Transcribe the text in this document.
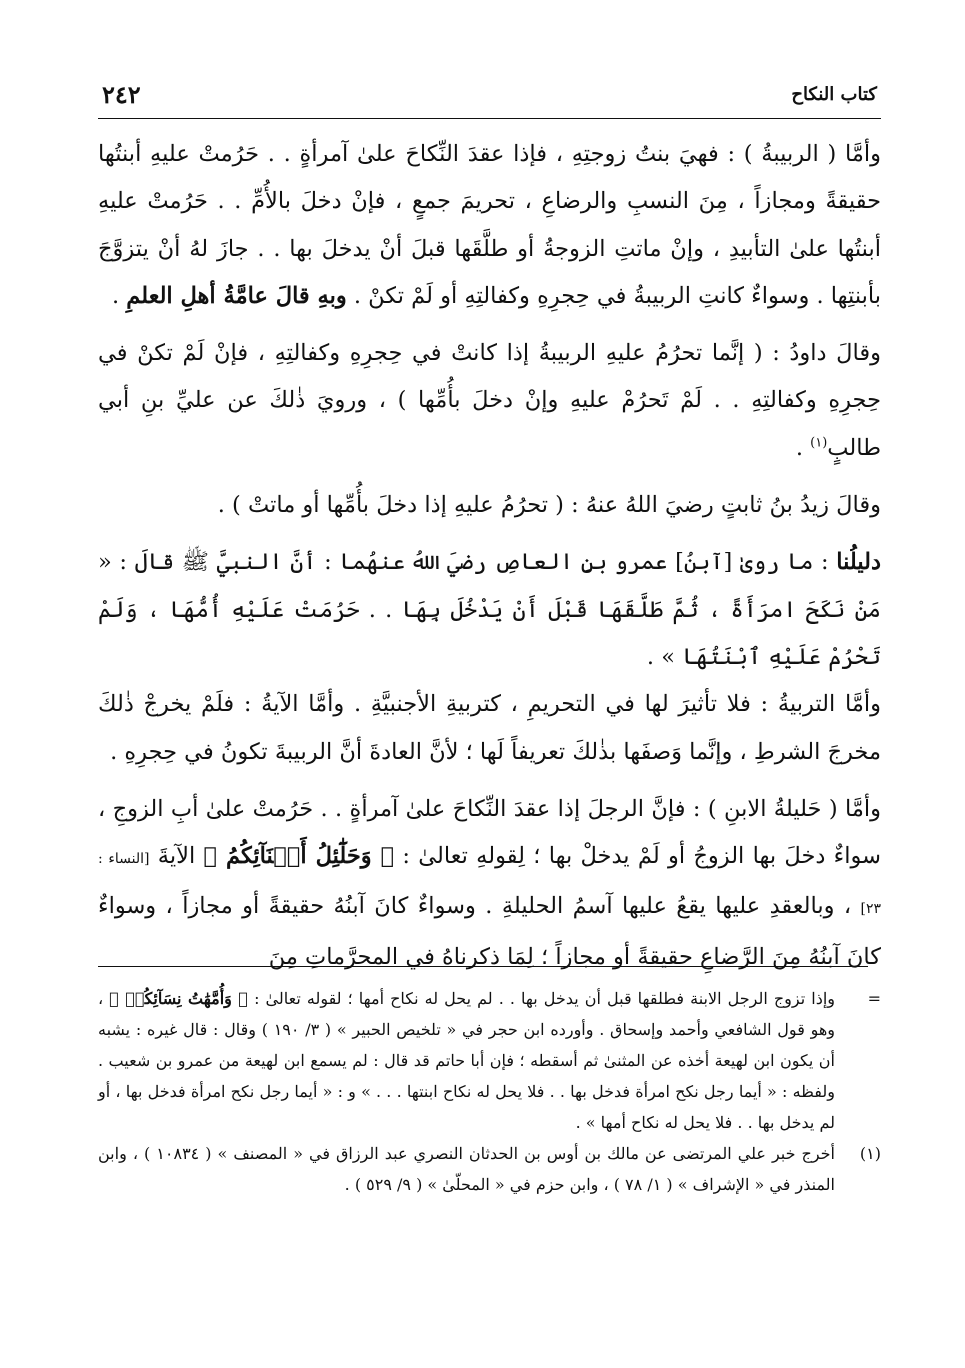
كتاب النكاح
٢٤٢

وأمَّا ( الربيبةُ ) : فهيَ بنتُ زوجتِهِ ، فإذا عقدَ النِّكاحَ علىٰ آمرأةٍ . . حَرُمتْ عليهِ أبنتُها حقيقةً ومجازاً ، مِنَ النسبِ والرضاعِ ، تحريمَ جمعٍ ، فإنْ دخلَ بالأُمِّ . . حَرُمتْ عليهِ أبنتُها علىٰ التأبيدِ ، وإنْ ماتتِ الزوجةُ أو طلَّقَها قبلَ أنْ يدخلَ بها . . جازَ لهُ أنْ يتزوَّجَ بأبنتِها . وسواءٌ كانتِ الربيبةُ في حِجرِهِ وكفالتِهِ أو لَمْ تكنْ . وبهِ قالَ عامَّةُ أهلِ العلمِ .

وقالَ داودُ : ( إنَّما تحرُمُ عليهِ الربيبةُ إذا كانتْ في حِجرِهِ وكفالتِهِ ، فإنْ لَمْ تكنْ في حِجرِهِ وكفالتِهِ . . لَمْ تَحرُمْ عليهِ وإنْ دخلَ بأُمِّها ) ، ورويَ ذٰلكَ عن عليِّ بنِ أبي طالبٍ$^{(١)}$ .

وقالَ زيدُ بنُ ثابتٍ رضيَ اللهُ عنهُ : ( تحرُمُ عليهِ إذا دخلَ بأُمِّها أو ماتتْ ) .

دليلُنا : ما روىٰ [آبنُ] عمرو بنِ العاصِ رضيَ اللهُ عنهُما : أنَّ النبيَّ ﷺ قالَ : « مَنْ نَكَحَ امرَأَةً ، ثُمَّ طَلَّقَهَا قَبْلَ أَنْ يَدْخُلَ بِهَا . . حَرُمَتْ عَلَيْهِ أُمُّهَا ، وَلَمْ تَحْرُمْ عَلَيْهِ ٱبْنَتُهَا » .

وأمَّا التربيةُ : فلا تأثيرَ لها في التحريمِ ، كتربيةِ الأجنبيَّةِ . وأمَّا الآيةُ : فلَمْ يخرجْ ذٰلكَ مخرجَ الشرطِ ، وإنَّما وَصفَها بذٰلكَ تعريفاً لَها ؛ لأنَّ العادةَ أنَّ الربيبةَ تكونُ في حِجرِهِ .

وأمَّا ( حَليلةُ الابنِ ) : فإنَّ الرجلَ إذا عقدَ النِّكاحَ علىٰ آمرأةٍ . . حَرُمتْ علىٰ أبِ الزوجِ ، سواءٌ دخلَ بها الزوجُ أو لَمْ يدخلْ بها ؛ لِقولهِ تعالىٰ : ﴿ وَحَلَٰٓئِلُ أَبۡنَآئِكُمُ ﴾ الآيةَ [النساء : ٢٣] ، وبالعقدِ عليها يقعُ عليها آسمُ الحليلةِ . وسواءٌ كانَ آبنُهُ حقيقةً أو مجازاً ، وسواءٌ كانَ آبنُهُ مِنَ الرَّضاعِ حقيقةً أو مجازاً ؛ لِمَا ذكرناهُ في المحرَّماتِ مِنَ

=
وإذا تزوج الرجل الابنة فطلقها قبل أن يدخل بها . . لم يحل له نكاح أمها ؛ لقوله تعالىٰ : ﴿ وَأُمَّهَٰتُ نِسَآئِكُمۡ ﴾ ، وهو قول الشافعي وأحمد وإسحاق . وأورده ابن حجر في « تلخيص الحبير » ( ٣/ ١٩٠ ) وقال : قال غيره : يشبه أن يكون ابن لهيعة أخذه عن المثنىٰ ثم أسقطه ؛ فإن أبا حاتم قد قال : لم يسمع ابن لهيعة من عمرو بن شعيب . ولفظه : « أيما رجل نكح امرأة فدخل بها . . فلا يحل له نكاح ابنتها . . . » و : « أيما رجل نكح امرأة فدخل بها ، أو لم يدخل بها . . فلا يحل له نكاح أمها » .

(١)
أخرج خبر علي المرتضى عن مالك بن أوس بن الحدثان النصري عبد الرزاق في « المصنف » ( ١٠٨٣٤ ) ، وابن المنذر في « الإشراف » ( ١/ ٧٨ ) ، وابن حزم في « المحلّىٰ » ( ٩/ ٥٢٩ ) .
